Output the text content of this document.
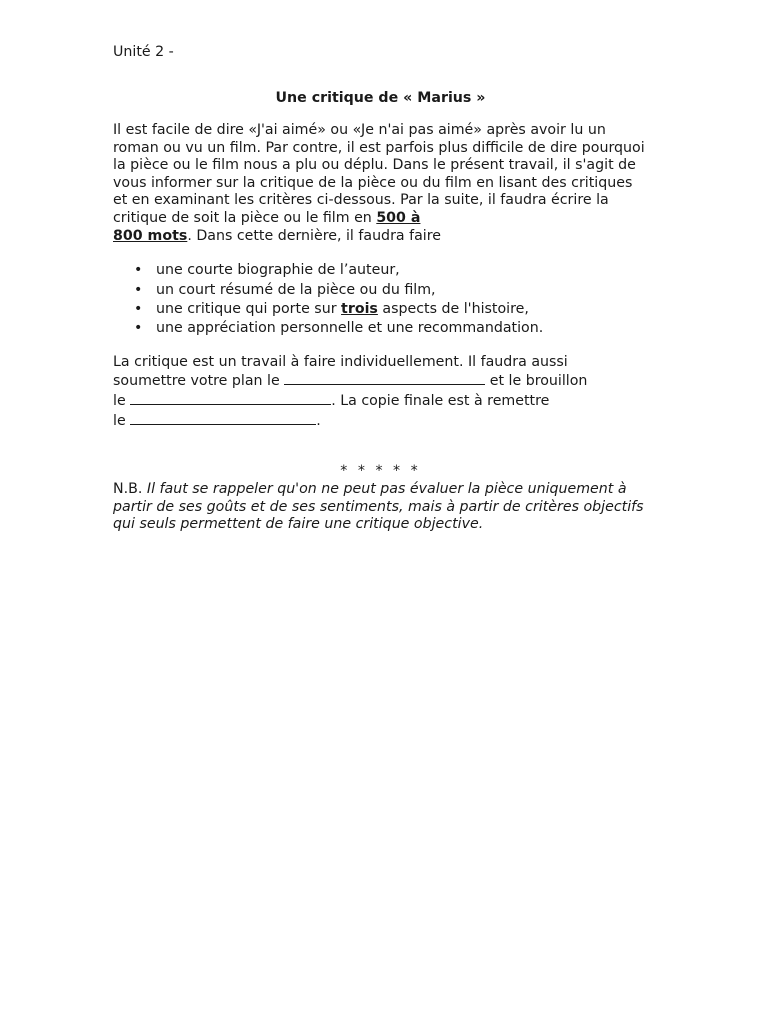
Unité 2 -

Une critique de « Marius »

Il est facile de dire «J'ai aimé» ou «Je n'ai pas aimé» après avoir lu un roman ou vu un film. Par contre, il est parfois plus difficile de dire pourquoi la pièce ou le film nous a plu ou déplu. Dans le présent travail, il s'agit de vous informer sur la critique de la pièce ou du film en lisant des critiques et en examinant les critères ci-dessous. Par la suite, il faudra écrire la critique de soit la pièce ou le film en 500 à
800 mots. Dans cette dernière, il faudra faire

• une courte biographie de l’auteur,
• un court résumé de la pièce ou du film,
• une critique qui porte sur trois aspects de l'histoire,
• une appréciation personnelle et une recommandation.

La critique est un travail à faire individuellement. Il faudra aussi
soumettre votre plan le	et le brouillon
le	. La copie finale est à remettre
le	.

* * * * *

N.B. Il faut se rappeler qu'on ne peut pas évaluer la pièce uniquement à partir de ses goûts et de ses sentiments, mais à partir de critères objectifs qui seuls permettent de faire une critique objective.
